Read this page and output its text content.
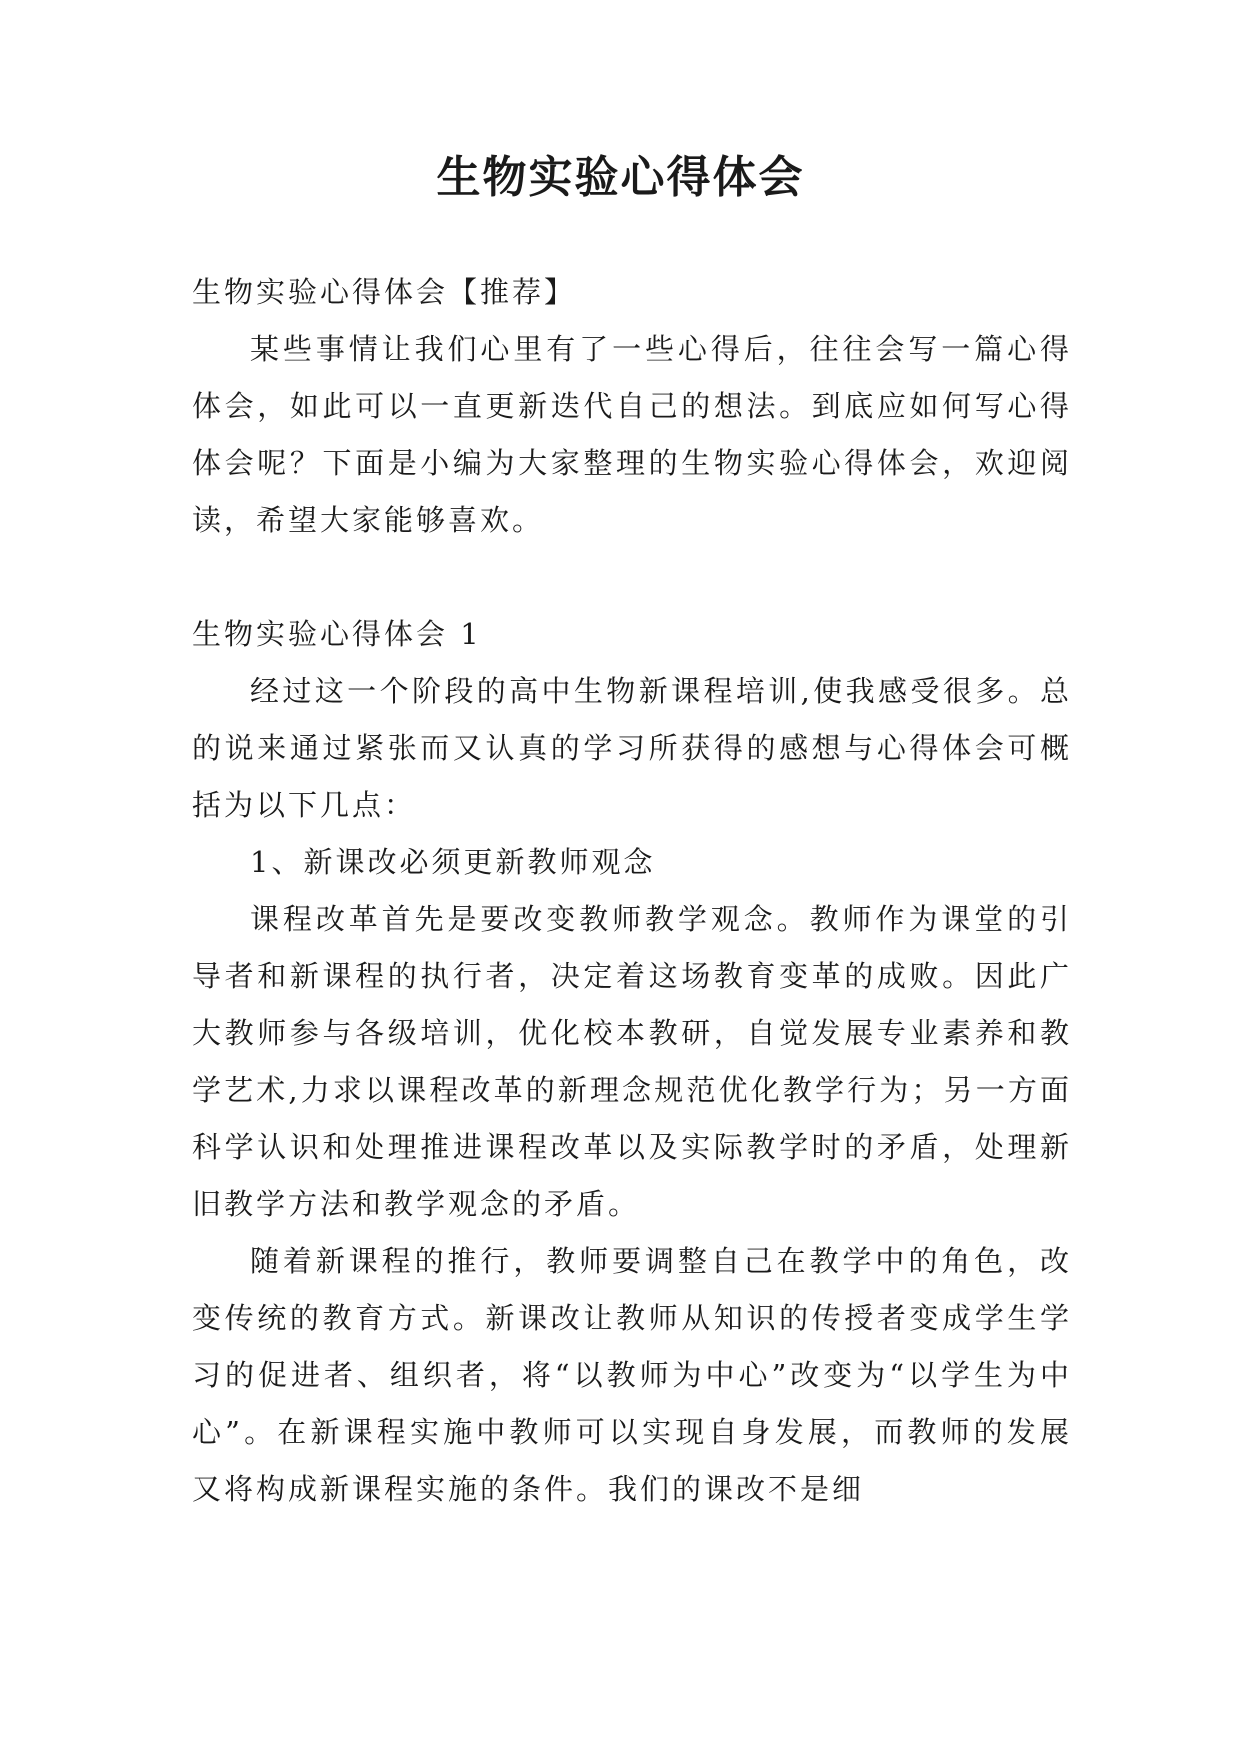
生物实验心得体会

生物实验心得体会【推荐】

某些事情让我们心里有了一些心得后，往往会写一篇心得体会，如此可以一直更新迭代自己的想法。到底应如何写心得体会呢？下面是小编为大家整理的生物实验心得体会，欢迎阅读，希望大家能够喜欢。

生物实验心得体会 1

经过这一个阶段的高中生物新课程培训,使我感受很多。总的说来通过紧张而又认真的学习所获得的感想与心得体会可概括为以下几点：

1、新课改必须更新教师观念

课程改革首先是要改变教师教学观念。教师作为课堂的引导者和新课程的执行者，决定着这场教育变革的成败。因此广大教师参与各级培训，优化校本教研，自觉发展专业素养和教学艺术,力求以课程改革的新理念规范优化教学行为；另一方面科学认识和处理推进课程改革以及实际教学时的矛盾，处理新旧教学方法和教学观念的矛盾。

随着新课程的推行，教师要调整自己在教学中的角色，改变传统的教育方式。新课改让教师从知识的传授者变成学生学习的促进者、组织者，将“以教师为中心”改变为“以学生为中心”。在新课程实施中教师可以实现自身发展，而教师的发展又将构成新课程实施的条件。我们的课改不是细
